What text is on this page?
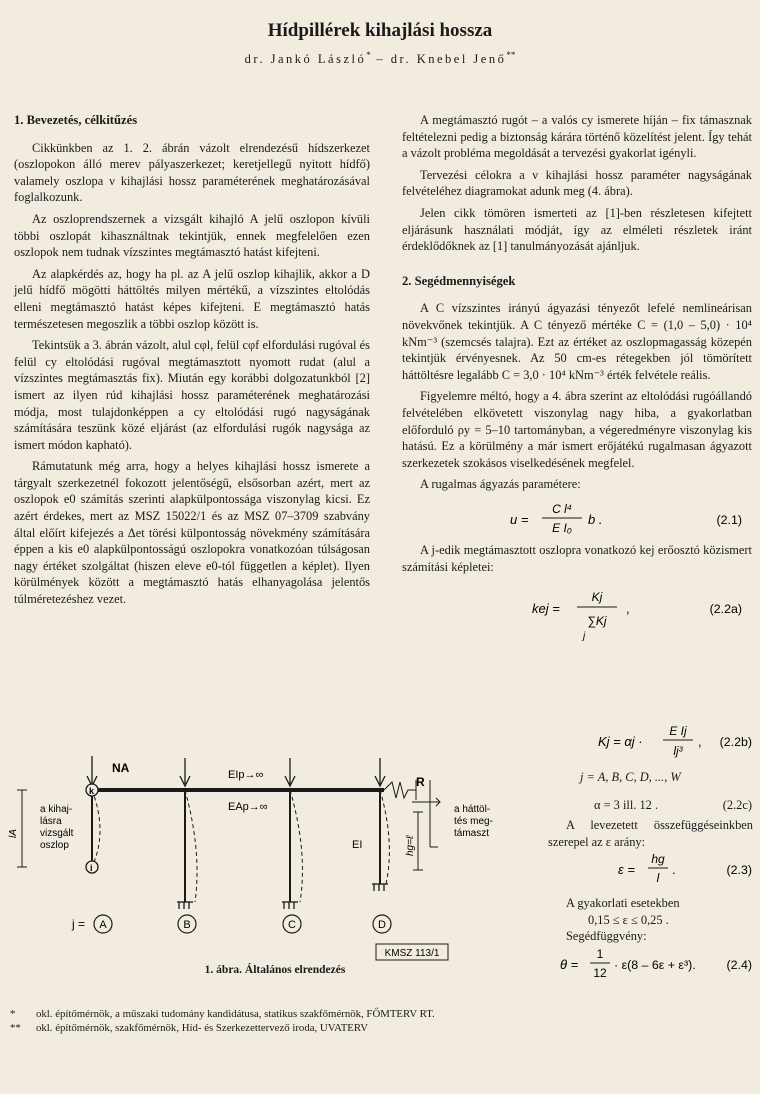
Hídpillérek kihajlási hossza
dr. Jankó László* – dr. Knebel Jenő**
1. Bevezetés, célkitűzés

Cikkünkben az 1. 2. ábrán vázolt elrendezésű hídszerkezet (oszlopokon álló merev pályaszerkezet; keretjellegű nyitott hídfő) valamely oszlopa ν kihajlási hossz paraméterének meghatározásával foglalkozunk.

Az oszloprendszernek a vizsgált kihajló A jelű oszlopon kívüli többi oszlopát kihasználtnak tekintjük, ennek megfelelően ezen oszlopok nem tudnak vízszintes megtámasztó hatást kifejteni.

Az alapkérdés az, hogy ha pl. az A jelű oszlop kihajlik, akkor a D jelű hídfő mögötti háttöltés milyen mértékű, a vízszintes eltolódás elleni megtámasztó hatást képes kifejteni. E megtámasztó hatás természetesen megoszlik a többi oszlop között is.

Tekintsük a 3. ábrán vázolt, alul cφl, felül cφf elfordulási rugóval és felül cy eltolódási rugóval megtámasztott nyomott rudat (alul a vízszintes megtámasztás fix). Miután egy korábbi dolgozatunkból [2] ismert az ilyen rúd kihajlási hossz paraméterének meghatározási módja, most tulajdonképpen a cy eltolódási rugó nagyságának számítására teszünk közé eljárást (az elfordulási rugók nagysága az ismert módon kapható).

Rámutatunk még arra, hogy a helyes kihajlási hossz ismerete a tárgyalt szerkezetnél fokozott jelentőségű, elsősorban azért, mert az oszlopok e0 számítás szerinti alapkülpontossága viszonylag kicsi. Ez azért érdekes, mert az MSZ 15022/1 és az MSZ 07–3709 szabvány által előírt kifejezés a Δet törési külpontosság növekmény számítására éppen a kis e0 alapkülpontosságú oszlopokra vonatkozóan túlságosan nagy értéket szolgáltat (hiszen eleve e0-tól független a képlet). Ilyen körülmények között a megtámasztó hatás elhanyagolása jelentős túlméretezéshez vezet.

A megtámasztó rugót – a valós cy ismerete híján – fix támasznak feltételezni pedig a biztonság kárára történő közelítést jelent. Így tehát a vázolt probléma megoldását a tervezési gyakorlat igényli.

Tervezési célokra a ν kihajlási hossz paraméter nagyságának felvételéhez diagramokat adunk meg (4. ábra).

Jelen cikk tömören ismerteti az [1]-ben részletesen kifejtett eljárásunk használati módját, így az elméleti részletek iránt érdeklődőknek az [1] tanulmányozását ajánljuk.

2. Segédmennyiségek

A C vízszintes irányú ágyazási tényezőt lefelé nemlineárisan növekvőnek tekintjük. A C tényező mértéke C = (1,0 – 5,0) · 10⁴ kNm⁻³ (szemcsés talajra). Ezt az értéket az oszlopmagasság közepén tekintjük érvényesnek. Az 50 cm-es rétegekben jól tömörített háttöltésre legalább C = 3,0 · 10⁴ kNm⁻³ érték felvétele reális.

Figyelemre méltó, hogy a 4. ábra szerint az eltolódási rugóállandó felvételében elkövetett viszonylag nagy hiba, a gyakorlatban előforduló ρy = 5–10 tartományban, a végeredményre viszonylag kis hatású. Ez a körülmény a már ismert erőjátékú rugalmasan ágyazott szerkezetek szokásos viselkedésének megfelel.

A rugalmas ágyazás paramétere:

u =
C l⁴
E I₀
b .	(2.1)

A j-edik megtámasztott oszlopra vonatkozó kej erőosztó közismert számítási képletei:

kej =
Kj
∑Kj
j
,	(2.2a)
Kj = αj ·
E Ij
lj³
, (2.2b)
j = A, B, C, D, ..., W
α = 3 ill. 12 .	(2.2c)
A levezetett összefüggéseinkben szerepel az ε arány:
ε =
hg
l
.	(2.3)
A gyakorlati esetekben
0,15 ≤ ε ≤ 0,25 .
Segédfüggvény:
θ =
1
12
· ε(8 – 6ε + ε³). (2.4)
k
i
NA
R
EIp→∞
EAp→∞
EI
lA
hg=ℓ
a kihaj- lásra vizsgált oszlop
a háttöl- tés meg- támaszt
j = A	B	C	D
KMSZ 113/1
1. ábra. Általános elrendezés
* okl. építőmérnök, a műszaki tudomány kandidátusa, statikus szakfőmérnök, FŐMTERV RT.
** okl. építőmérnök, szakfőmérnök, Híd- és Szerkezettervező iroda, UVATERV
